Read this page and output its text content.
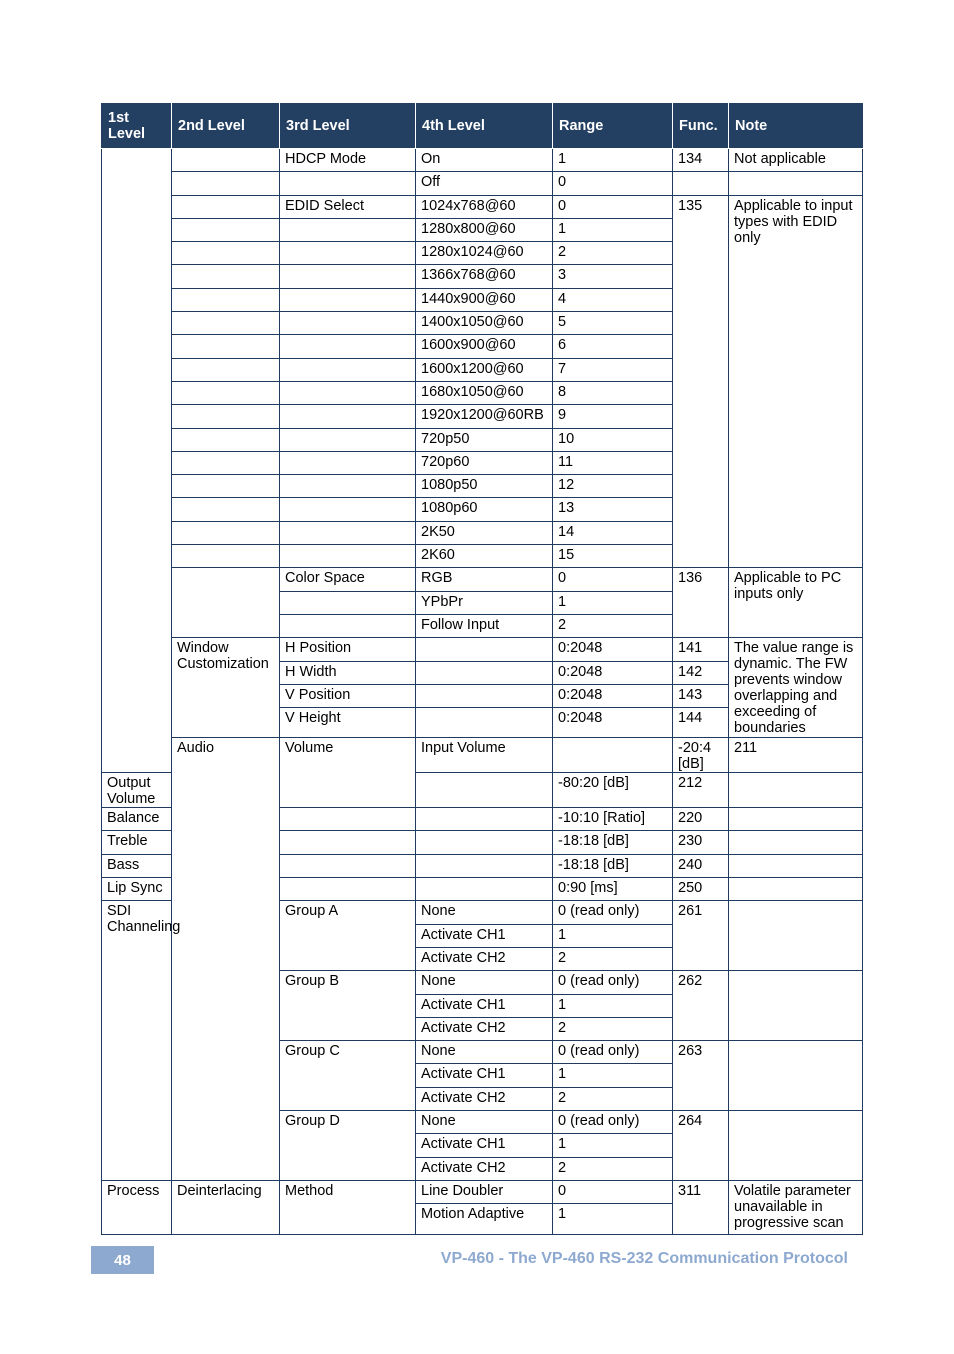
1st Level	2nd Level	3rd Level	4th Level	Range	Func.	Note	
		HDCP Mode	On	1	134	Not applicable	
			Off	0			
		EDID Select	1024x768@60	0	135	Applicable to input types with EDID only	
			1280x800@60	1			
			1280x1024@60	2			
			1366x768@60	3			
			1440x900@60	4			
			1400x1050@60	5			
			1600x900@60	6			
			1600x1200@60	7			
			1680x1050@60	8			
			1920x1200@60RB	9			
			720p50	10			
			720p60	11			
			1080p50	12			
			1080p60	13			
			2K50	14			
			2K60	15			
		Color Space	RGB	0	136	Applicable to PC inputs only	
			YPbPr	1			
			Follow Input	2			
	Window Customization	H Position		0:2048	141	The value range is dynamic. The FW prevents window overlapping and exceeding of boundaries	
		H Width		0:2048	142		
		V Position		0:2048	143		
		V Height		0:2048	144		
	Audio	Volume	Input Volume		-20:4 [dB]	211	
Output Volume				-80:20 [dB]	212		
Balance				-10:10 [Ratio]	220		
Treble				-18:18 [dB]	230		
Bass				-18:18 [dB]	240		
Lip Sync				0:90 [ms]	250		
SDI Channeling		Group A	None	0 (read only)	261		
			Activate CH1	1			
			Activate CH2	2			
		Group B	None	0 (read only)	262		
			Activate CH1	1			
			Activate CH2	2			
		Group C	None	0 (read only)	263		
			Activate CH1	1			
			Activate CH2	2			
		Group D	None	0 (read only)	264		
			Activate CH1	1			
			Activate CH2	2			
Process	Deinterlacing	Method	Line Doubler	0	311	Volatile parameter unavailable in progressive scan	
			Motion Adaptive	1			
48	VP-460 - The VP-460 RS-232 Communication Protocol
